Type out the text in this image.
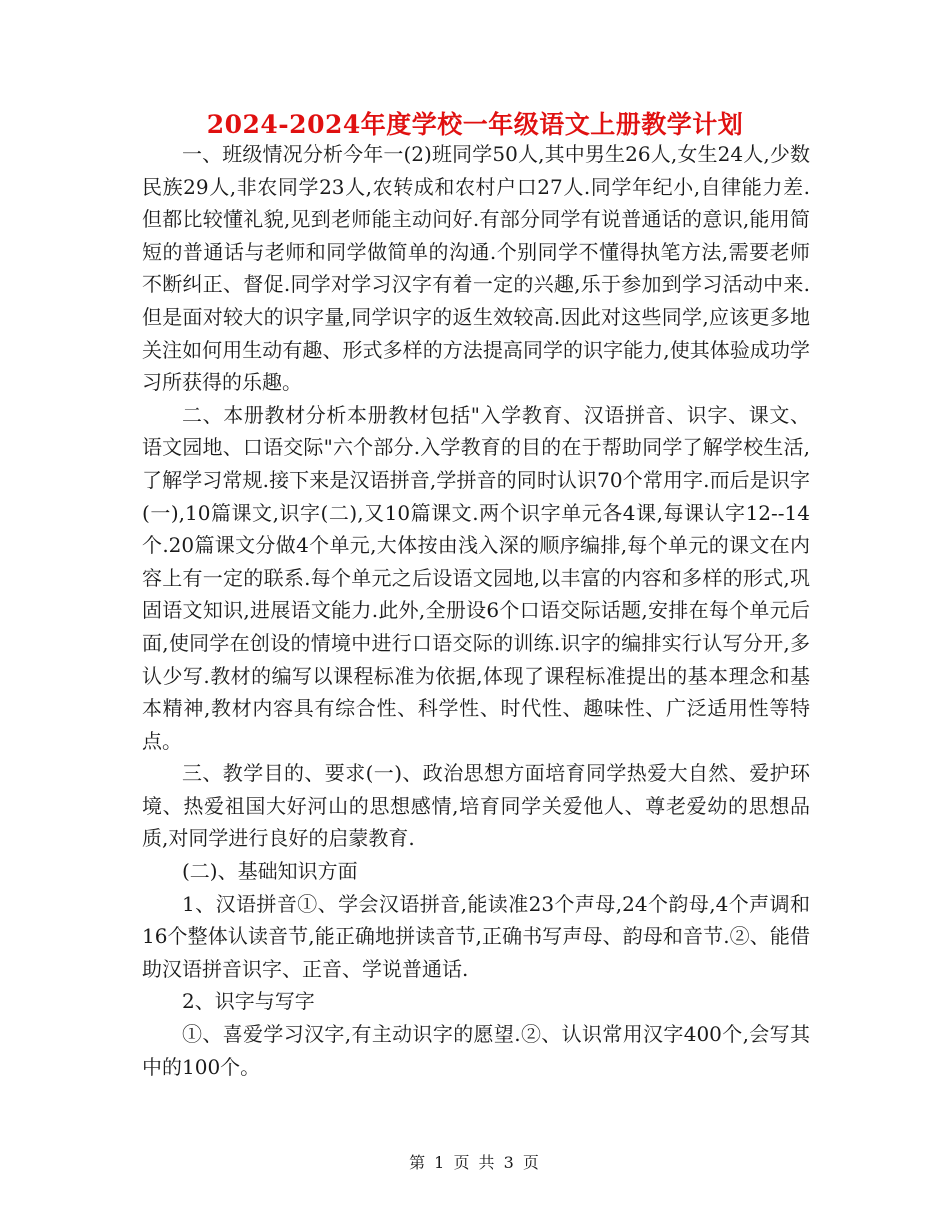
2024-2024年度学校一年级语文上册教学计划

一、班级情况分析今年一(2)班同学50人,其中男生26人,女生24人,少数民族29人,非农同学23人,农转成和农村户口27人.同学年纪小,自律能力差.但都比较懂礼貌,见到老师能主动问好.有部分同学有说普通话的意识,能用简短的普通话与老师和同学做简单的沟通.个别同学不懂得执笔方法,需要老师不断纠正、督促.同学对学习汉字有着一定的兴趣,乐于参加到学习活动中来.但是面对较大的识字量,同学识字的返生效较高.因此对这些同学,应该更多地关注如何用生动有趣、形式多样的方法提高同学的识字能力,使其体验成功学习所获得的乐趣。

二、本册教材分析本册教材包括"入学教育、汉语拼音、识字、课文、语文园地、口语交际"六个部分.入学教育的目的在于帮助同学了解学校生活,了解学习常规.接下来是汉语拼音,学拼音的同时认识70个常用字.而后是识字(一),10篇课文,识字(二),又10篇课文.两个识字单元各4课,每课认字12--14个.20篇课文分做4个单元,大体按由浅入深的顺序编排,每个单元的课文在内容上有一定的联系.每个单元之后设语文园地,以丰富的内容和多样的形式,巩固语文知识,进展语文能力.此外,全册设6个口语交际话题,安排在每个单元后面,使同学在创设的情境中进行口语交际的训练.识字的编排实行认写分开,多认少写.教材的编写以课程标准为依据,体现了课程标准提出的基本理念和基本精神,教材内容具有综合性、科学性、时代性、趣味性、广泛适用性等特点。

三、教学目的、要求(一)、政治思想方面培育同学热爱大自然、爱护环境、热爱祖国大好河山的思想感情,培育同学关爱他人、尊老爱幼的思想品质,对同学进行良好的启蒙教育.

(二)、基础知识方面

1、汉语拼音①、学会汉语拼音,能读准23个声母,24个韵母,4个声调和16个整体认读音节,能正确地拼读音节,正确书写声母、韵母和音节.②、能借助汉语拼音识字、正音、学说普通话.

2、识字与写字

①、喜爱学习汉字,有主动识字的愿望.②、认识常用汉字400个,会写其中的100个。

第 1 页 共 3 页
